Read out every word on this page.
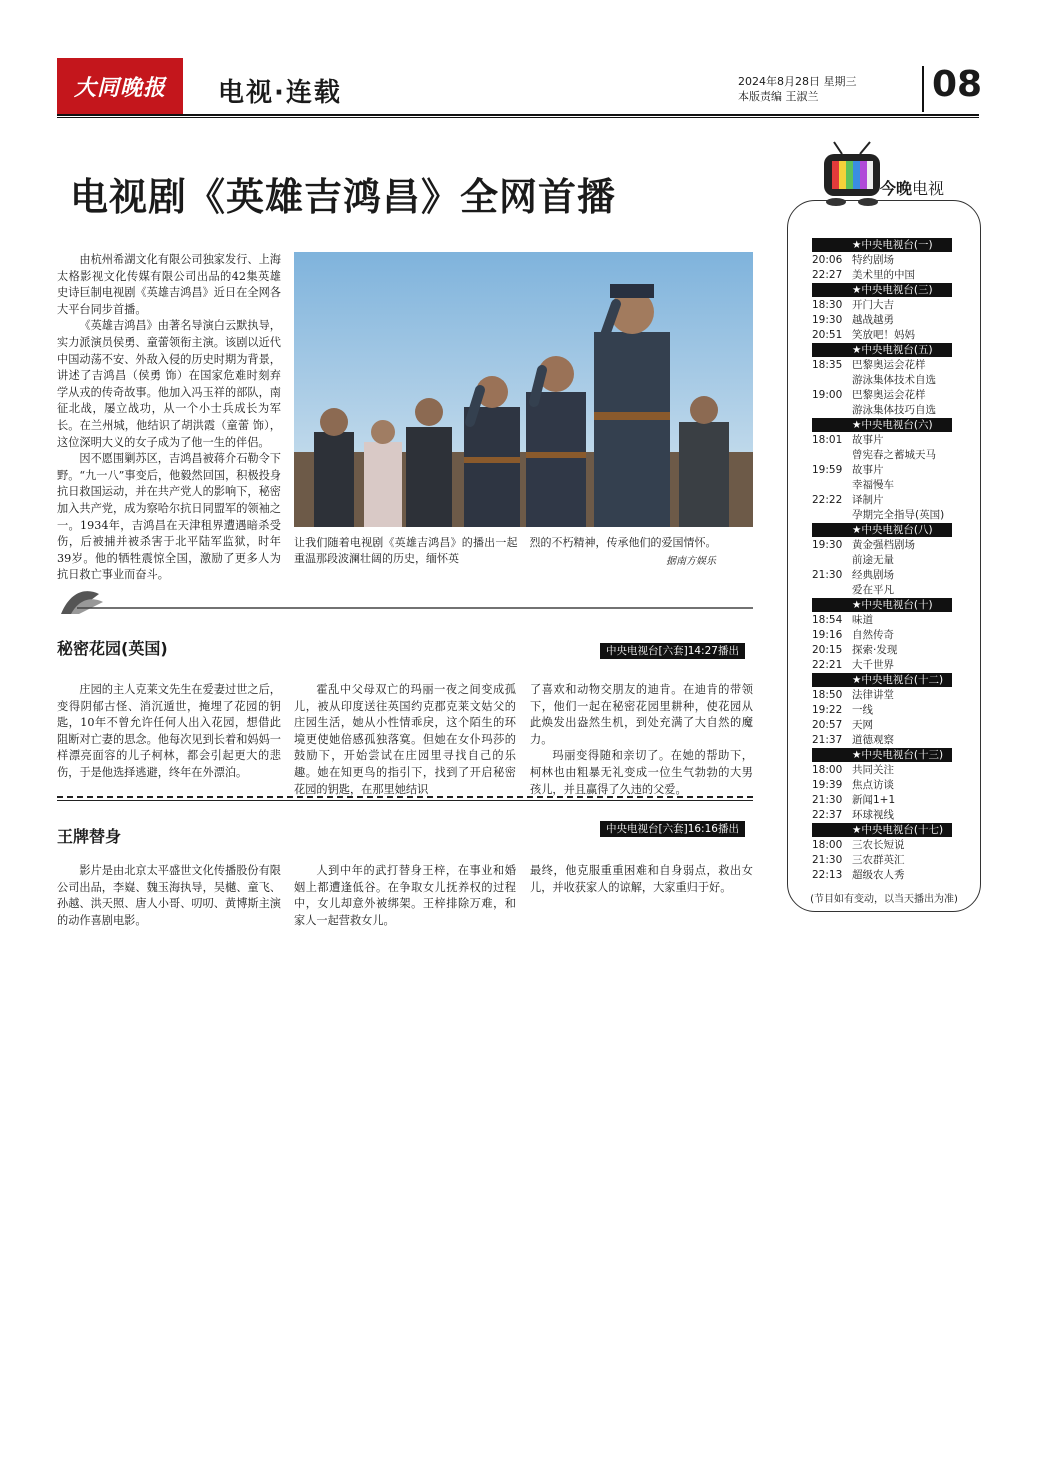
大同晚报	电视·连载	2024年8月28日 星期三
本版责编 王淑兰	08
电视剧《英雄吉鸿昌》全网首播

由杭州希湖文化有限公司独家发行、上海太格影视文化传媒有限公司出品的42集英雄史诗巨制电视剧《英雄吉鸿昌》近日在全网各大平台同步首播。

《英雄吉鸿昌》由著名导演白云默执导，实力派演员侯勇、童蕾领衔主演。该剧以近代中国动荡不安、外敌入侵的历史时期为背景，讲述了吉鸿昌（侯勇 饰）在国家危难时刻弃学从戎的传奇故事。他加入冯玉祥的部队，南征北战，屡立战功，从一个小士兵成长为军长。在兰州城，他结识了胡洪霞（童蕾 饰），这位深明大义的女子成为了他一生的伴侣。

因不愿围剿苏区，吉鸿昌被蒋介石勒令下野。“九一八”事变后，他毅然回国，积极投身抗日救国运动，并在共产党人的影响下，秘密加入共产党，成为察哈尔抗日同盟军的领袖之一。1934年，吉鸿昌在天津租界遭遇暗杀受伤，后被捕并被杀害于北平陆军监狱，时年39岁。他的牺牲震惊全国，激励了更多人为抗日救亡事业而奋斗。

让我们随着电视剧《英雄吉鸿昌》的播出一起重温那段波澜壮阔的历史，缅怀英
烈的不朽精神，传承他们的爱国情怀。
据南方娱乐
秘密花园(英国)	中央电视台[六套]14:27播出

庄园的主人克莱文先生在爱妻过世之后，变得阴郁古怪、消沉遁世，掩埋了花园的钥匙，10年不曾允许任何人出入花园，想借此阻断对亡妻的思念。他每次见到长着和妈妈一样漂亮面容的儿子柯林，都会引起更大的悲伤，于是他选择逃避，终年在外漂泊。

霍乱中父母双亡的玛丽一夜之间变成孤儿，被从印度送往英国约克郡克莱文姑父的庄园生活，她从小性情乖戾，这个陌生的环境更使她倍感孤独落寞。但她在女仆玛莎的鼓励下，开始尝试在庄园里寻找自己的乐趣。她在知更鸟的指引下，找到了开启秘密花园的钥匙，在那里她结识

了喜欢和动物交朋友的迪肯。在迪肯的带领下，他们一起在秘密花园里耕种，使花园从此焕发出盎然生机，到处充满了大自然的魔力。

玛丽变得随和亲切了。在她的帮助下，柯林也由粗暴无礼变成一位生气勃勃的大男孩儿，并且赢得了久违的父爱。

王牌替身	中央电视台[六套]16:16播出

影片是由北京太平盛世文化传播股份有限公司出品，李嶷、魏玉海执导，吴樾、童飞、孙越、洪天照、唐人小哥、叨叨、黄博斯主演的动作喜剧电影。

人到中年的武打替身王梓，在事业和婚姻上都遭逢低谷。在争取女儿抚养权的过程中，女儿却意外被绑架。王梓排除万难，和家人一起营救女儿。

最终，他克服重重困难和自身弱点，救出女儿，并收获家人的谅解，大家重归于好。

今晚电视
★中央电视台(一)
20:06 特约剧场
22:27 美术里的中国
★中央电视台(三)
18:30 开门大吉
19:30 越战越勇
20:51 笑放吧！妈妈
★中央电视台(五)
18:35 巴黎奥运会花样
游泳集体技术自选
19:00 巴黎奥运会花样
游泳集体技巧自选
★中央电视台(六)
18:01 故事片
曾宪春之蓄城天马
19:59 故事片
幸福慢车
22:22 译制片
孕期完全指导(英国)
★中央电视台(八)
19:30 黄金强档剧场
前途无量
21:30 经典剧场
爱在平凡
★中央电视台(十)
18:54 味道
19:16 自然传奇
20:15 探索·发现
22:21 大千世界
★中央电视台(十二)
18:50 法律讲堂
19:22 一线
20:57 天网
21:37 道德观察
★中央电视台(十三)
18:00 共同关注
19:39 焦点访谈
21:30 新闻1+1
22:37 环球视线
★中央电视台(十七)
18:00 三农长短说
21:30 三农群英汇
22:13 超级农人秀
(节目如有变动，以当天播出为准)
